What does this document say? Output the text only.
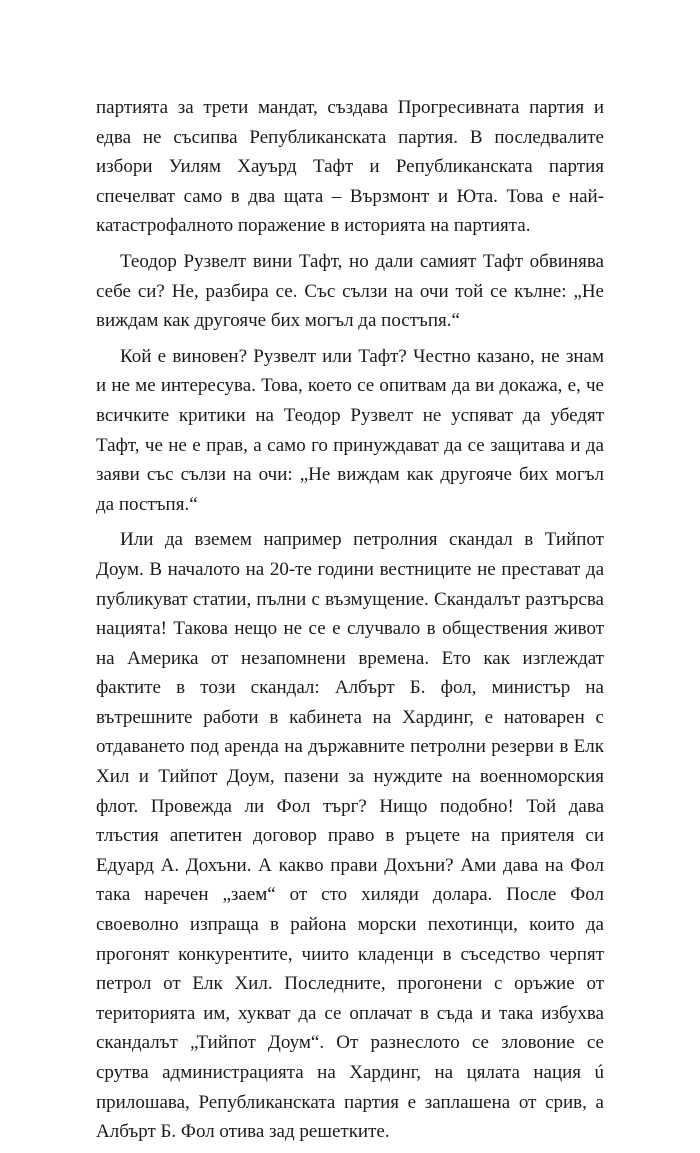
партията за трети мандат, създава Прогресивната партия и едва не съсипва Републиканската партия. В последвалите избори Уилям Хауърд Тафт и Републиканската партия спечелват само в два щата – Вързмонт и Юта. Това е най-катастрофалното поражение в историята на партията.

Теодор Рузвелт вини Тафт, но дали самият Тафт обвинява себе си? Не, разбира се. Със сълзи на очи той се кълне: „Не виждам как другояче бих могъл да постъпя.“

Кой е виновен? Рузвелт или Тафт? Честно казано, не знам и не ме интересува. Това, което се опитвам да ви докажа, е, че всичките критики на Теодор Рузвелт не успяват да убедят Тафт, че не е прав, а само го принуждават да се защитава и да заяви със сълзи на очи: „Не виждам как другояче бих могъл да постъпя.“

Или да вземем например петролния скандал в Тийпот Доум. В началото на 20-те години вестниците не престават да публикуват статии, пълни с възмущение. Скандалът разтърсва нацията! Такова нещо не се е случвало в обществения живот на Америка от незапомнени времена. Ето как изглеждат фактите в този скандал: Албърт Б. фол, министър на вътрешните работи в кабинета на Хардинг, е натоварен с отдаването под аренда на държавните петролни резерви в Елк Хил и Тийпот Доум, пазени за нуждите на военноморския флот. Провежда ли Фол търг? Нищо подобно! Той дава тлъстия апетитен договор право в ръцете на приятеля си Едуард А. Дохъни. А какво прави Дохъни? Ами дава на Фол така наречен „заем“ от сто хиляди долара. После Фол своеволно изпраща в района морски пехотинци, които да прогонят конкурентите, чиито кладенци в съседство черпят петрол от Елк Хил. Последните, прогонени с оръжие от територията им, хукват да се оплачат в съда и така избухва скандалът „Тийпот Доум“. От разнеслото се зловоние се срутва администрацията на Хардинг, на цялата нация ú прилошава, Републиканската партия е заплашена от срив, а Албърт Б. Фол отива зад решетките.
